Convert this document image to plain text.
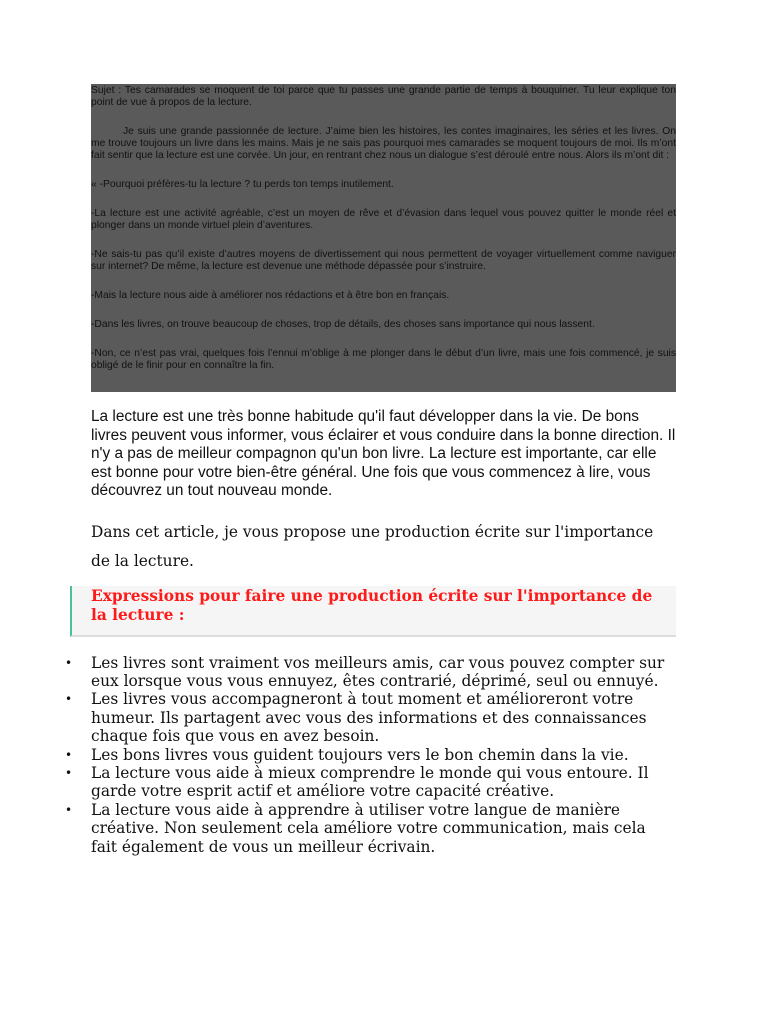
Sujet : Tes camarades se moquent de toi parce que tu passes une grande partie de temps à bouquiner. Tu leur explique ton point de vue à propos de la lecture.

Je suis une grande passionnée de lecture. J’aime bien les histoires, les contes imaginaires, les séries et les livres. On me trouve toujours un livre dans les mains. Mais je ne sais pas pourquoi mes camarades se moquent toujours de moi. Ils m’ont fait sentir que la lecture est une corvée. Un jour, en rentrant chez nous un dialogue s’est déroulé entre nous. Alors ils m’ont dit :

« -Pourquoi préfères-tu la lecture ? tu perds ton temps inutilement.

-La lecture est une activité agréable, c’est un moyen de rêve et d’évasion dans lequel vous pouvez quitter le monde réel et plonger dans un monde virtuel plein d’aventures.

-Ne sais-tu pas qu’il existe d’autres moyens de divertissement qui nous permettent de voyager virtuellement comme naviguer sur internet? De même, la lecture est devenue une méthode dépassée pour s’instruire.

-Mais la lecture nous aide à améliorer nos rédactions et à être bon en français.

-Dans les livres, on trouve beaucoup de choses, trop de détails, des choses sans importance qui nous lassent.

-Non, ce n’est pas vrai, quelques fois l’ennui m’oblige à me plonger dans le début d’un livre, mais une fois commencé, je suis obligé de le finir pour en connaître la fin.

La lecture est une très bonne habitude qu'il faut développer dans la vie. De bons livres peuvent vous informer, vous éclairer et vous conduire dans la bonne direction. Il n'y a pas de meilleur compagnon qu'un bon livre. La lecture est importante, car elle est bonne pour votre bien-être général. Une fois que vous commencez à lire, vous découvrez un tout nouveau monde.

Dans cet article, je vous propose une production écrite sur l'importance de la lecture.

Expressions pour faire une production écrite sur l'importance de la lecture :
• Les livres sont vraiment vos meilleurs amis, car vous pouvez compter sur eux lorsque vous vous ennuyez, êtes contrarié, déprimé, seul ou ennuyé.
• Les livres vous accompagneront à tout moment et amélioreront votre humeur. Ils partagent avec vous des informations et des connaissances chaque fois que vous en avez besoin.
• Les bons livres vous guident toujours vers le bon chemin dans la vie.
• La lecture vous aide à mieux comprendre le monde qui vous entoure. Il garde votre esprit actif et améliore votre capacité créative.
• La lecture vous aide à apprendre à utiliser votre langue de manière créative. Non seulement cela améliore votre communication, mais cela fait également de vous un meilleur écrivain.
